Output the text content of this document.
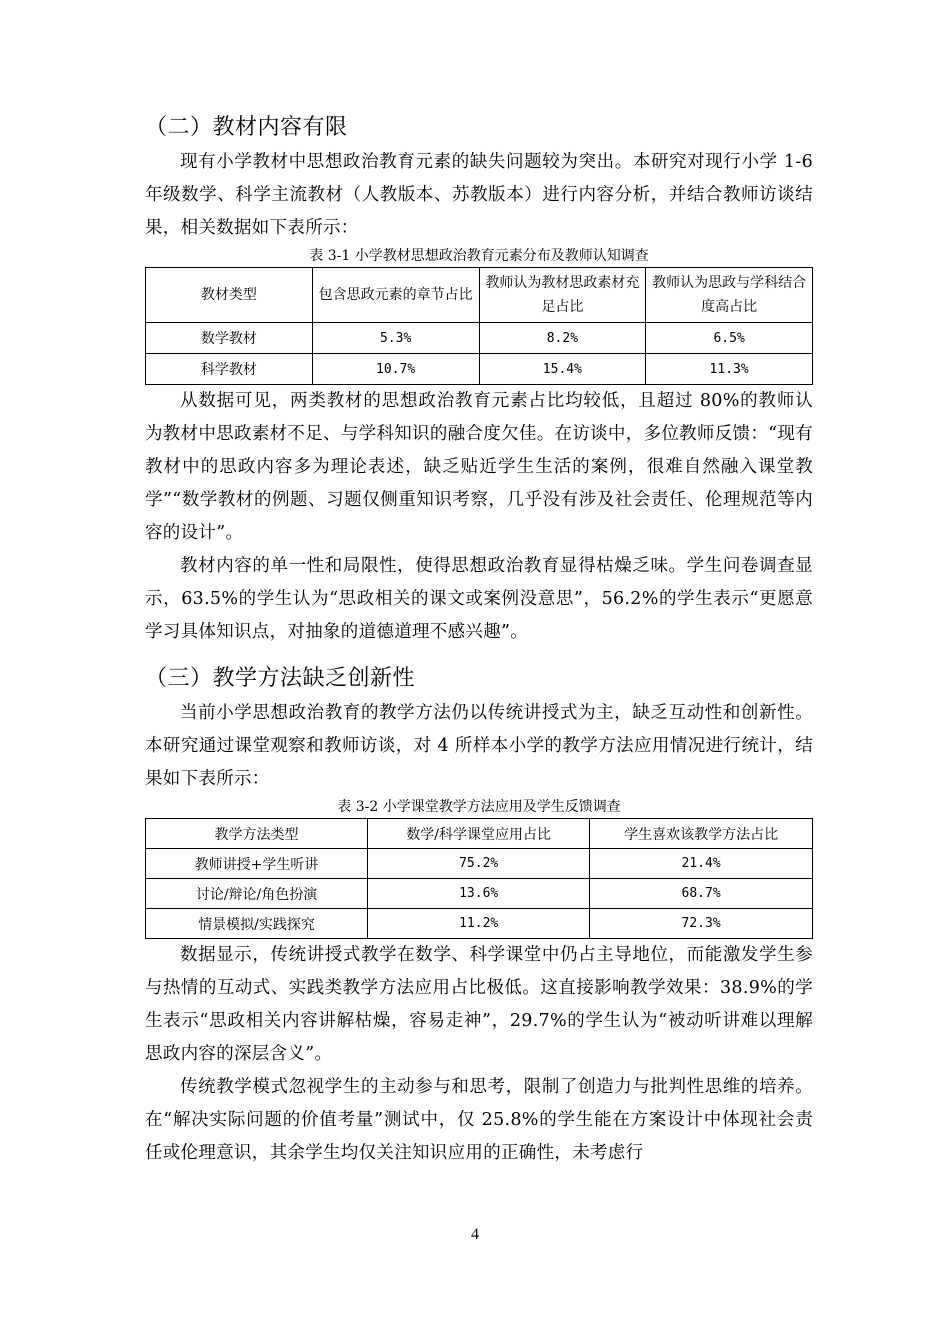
（二）教材内容有限

现有小学教材中思想政治教育元素的缺失问题较为突出。本研究对现行小学 1-6 年级数学、科学主流教材（人教版本、苏教版本）进行内容分析，并结合教师访谈结果，相关数据如下表所示：

表 3-1 小学教材思想政治教育元素分布及教师认知调查
教材类型	包含思政元素的章节占比	教师认为教材思政素材充足占比	教师认为思政与学科结合度高占比
数学教材	5.3%	8.2%	6.5%
科学教材	10.7%	15.4%	11.3%

从数据可见，两类教材的思想政治教育元素占比均较低，且超过 80%的教师认为教材中思政素材不足、与学科知识的融合度欠佳。在访谈中，多位教师反馈：“现有教材中的思政内容多为理论表述，缺乏贴近学生生活的案例，很难自然融入课堂教学”“数学教材的例题、习题仅侧重知识考察，几乎没有涉及社会责任、伦理规范等内容的设计”。

教材内容的单一性和局限性，使得思想政治教育显得枯燥乏味。学生问卷调查显示，63.5%的学生认为“思政相关的课文或案例没意思”，56.2%的学生表示“更愿意学习具体知识点，对抽象的道德道理不感兴趣”。

（三）教学方法缺乏创新性

当前小学思想政治教育的教学方法仍以传统讲授式为主，缺乏互动性和创新性。本研究通过课堂观察和教师访谈，对 4 所样本小学的教学方法应用情况进行统计，结果如下表所示：

表 3-2 小学课堂教学方法应用及学生反馈调查
教学方法类型	数学/科学课堂应用占比	学生喜欢该教学方法占比
教师讲授+学生听讲	75.2%	21.4%
讨论/辩论/角色扮演	13.6%	68.7%
情景模拟/实践探究	11.2%	72.3%

数据显示，传统讲授式教学在数学、科学课堂中仍占主导地位，而能激发学生参与热情的互动式、实践类教学方法应用占比极低。这直接影响教学效果：38.9%的学生表示“思政相关内容讲解枯燥，容易走神”，29.7%的学生认为“被动听讲难以理解思政内容的深层含义”。

传统教学模式忽视学生的主动参与和思考，限制了创造力与批判性思维的培养。在“解决实际问题的价值考量”测试中，仅 25.8%的学生能在方案设计中体现社会责任或伦理意识，其余学生均仅关注知识应用的正确性，未考虑行

4
